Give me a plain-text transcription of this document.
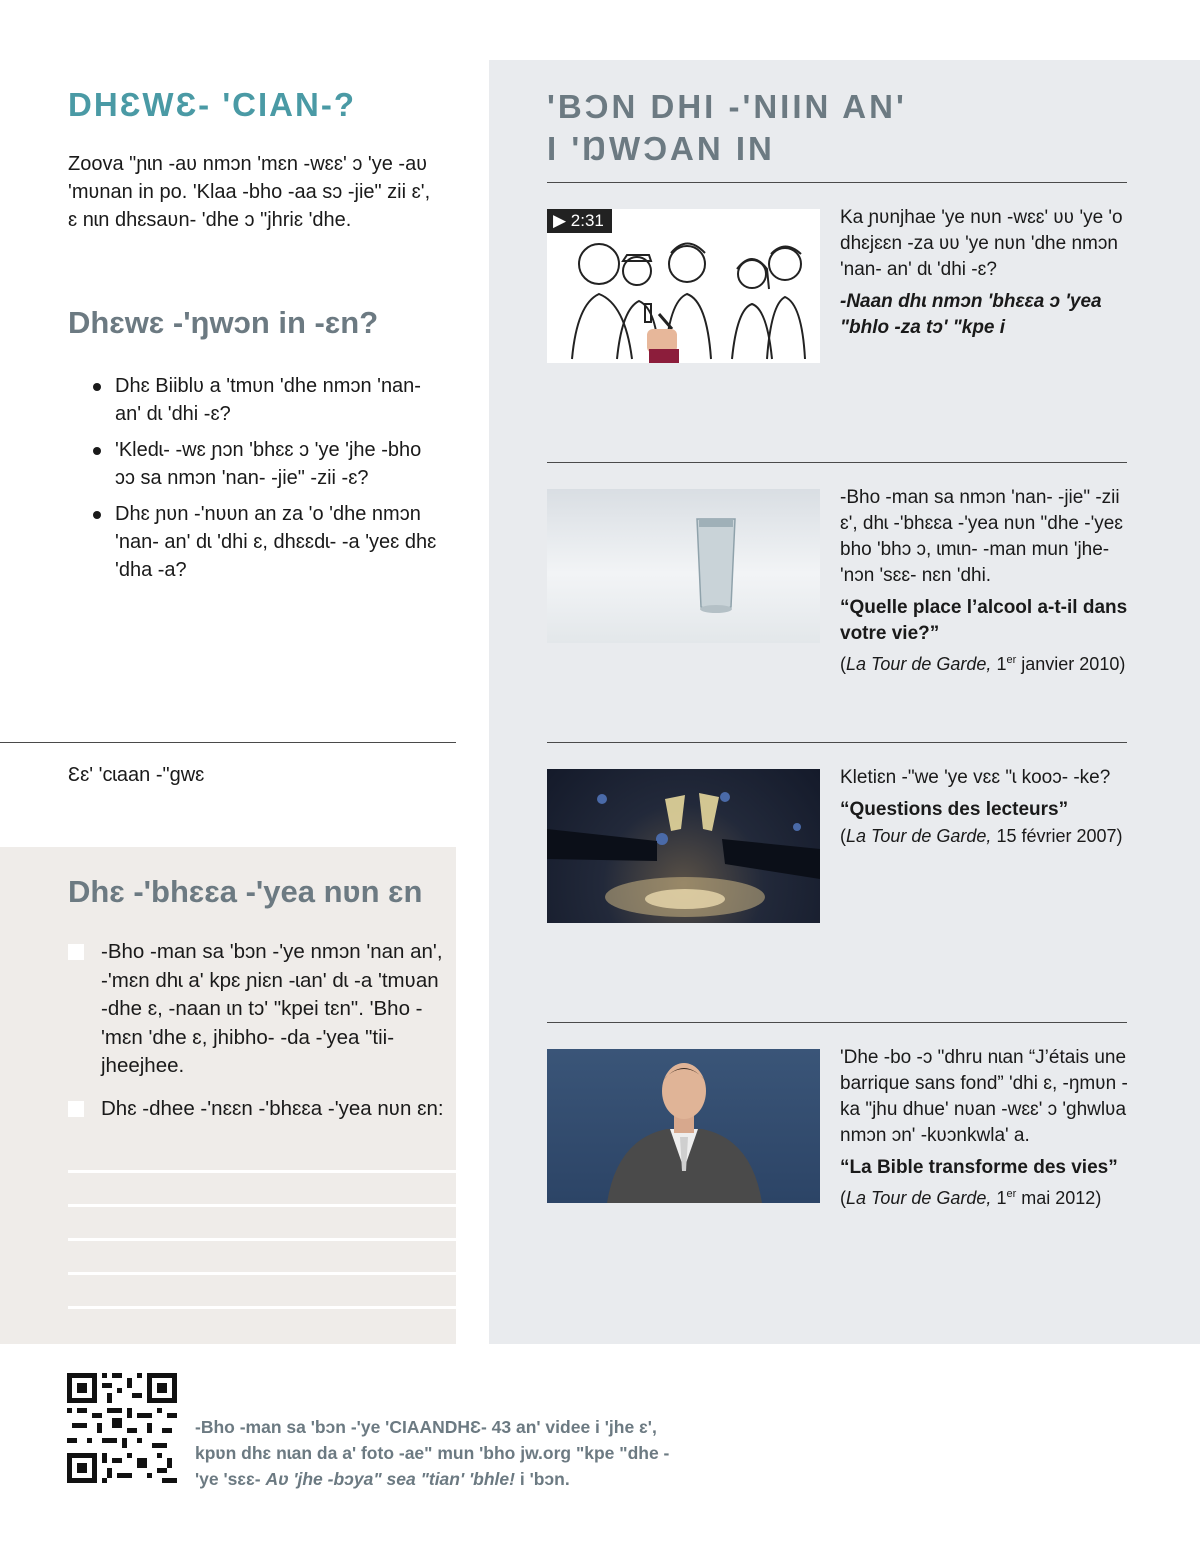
DHƐWƐ- 'CƖAN-?

Zoova "ɲɩn -aʋ nmɔn 'mɛn -wɛɛ' ɔ 'ye -aʋ 'mʋnan in po. 'Klaa -bho -aa sɔ -jie" zii ɛ', ɛ nɩn dhɛsaʋn- 'dhe ɔ "jhriɛ 'dhe.

Dhɛwɛ -'ŋwɔn in -ɛn?
Dhɛ Biiblʋ a 'tmʋn 'dhe nmɔn 'nan- an' dɩ 'dhi -ɛ?
'Kledɩ- -wɛ ɲɔn 'bhɛɛ ɔ 'ye 'jhe -bho ɔɔ sa nmɔn 'nan- -jie" -zii -ɛ?
Dhɛ ɲʋn -'nʋʋn an za 'o 'dhe nmɔn 'nan- an' dɩ 'dhi ɛ, dhɛɛdɩ- -a 'yeɛ dhɛ 'dha -a?
Ɛɛ' 'cɩaan -"gwɛ
Dhɛ -'bhɛɛa -'yea nʋn ɛn
-Bho -man sa 'bɔn -'ye nmɔn 'nan an', -'mɛn dhɩ a' kpɛ ɲiɛn -ɩan' dɩ -a 'tmʋan -dhe ɛ, -naan ɩn tɔ' "kpei tɛn". 'Bho -'mɛn 'dhe ɛ, jhibho- -da -'yea "tii- jheejhee.
Dhɛ -dhee -'nɛɛn -'bhɛɛa -'yea nʋn ɛn:
'BƆN DHƖ -'NƖƖN AN'
I 'ŊWƆAN IN
▶ 2:31	Ka ɲʋnjhae 'ye nʋn -wɛɛ' ʋʋ 'ye 'o dhɛjɛɛn -za ʋʋ 'ye nʋn 'dhe nmɔn 'nan- an' dɩ 'dhi -ɛ?
-Naan dhɩ nmɔn 'bhɛɛa ɔ 'yea "bhlo -za tɔ' "kpe i
-Bho -man sa nmɔn 'nan- -jie" -zii ɛ', dhɩ -'bhɛɛa -'yea nʋn "dhe -'yeɛ bho 'bhɔ ɔ, ɩmɩn- -man mun 'jhe- 'nɔn 'sɛɛ- nɛn 'dhi.
“Quelle place l’alcool a-t-il dans votre vie?”
(La Tour de Garde, 1er janvier 2010)
Kletiɛn -"we 'ye vɛɛ "ɩ kooɔ- -ke?
“Questions des lecteurs”
(La Tour de Garde, 15 février 2007)
'Dhe -bo -ɔ "dhru nɩan “J’étais une barrique sans fond” 'dhi ɛ, -ŋmʋn -ka "jhu dhue' nʋan -wɛɛ' ɔ 'ghwlʋa nmɔn ɔn' -kʋɔnkwla' a.
“La Bible transforme des vies” (La Tour de Garde, 1er mai 2012)
-Bho -man sa 'bɔn -'ye 'CƖAANDHƐ- 43 an' videe i 'jhe ɛ', kpʋn dhɛ nɩan da a' foto -ae" mun 'bho jw.org "kpe "dhe -'ye 'sɛɛ- Aʋ 'jhe -bɔya" sea "tian' 'bhle! i 'bɔn.
